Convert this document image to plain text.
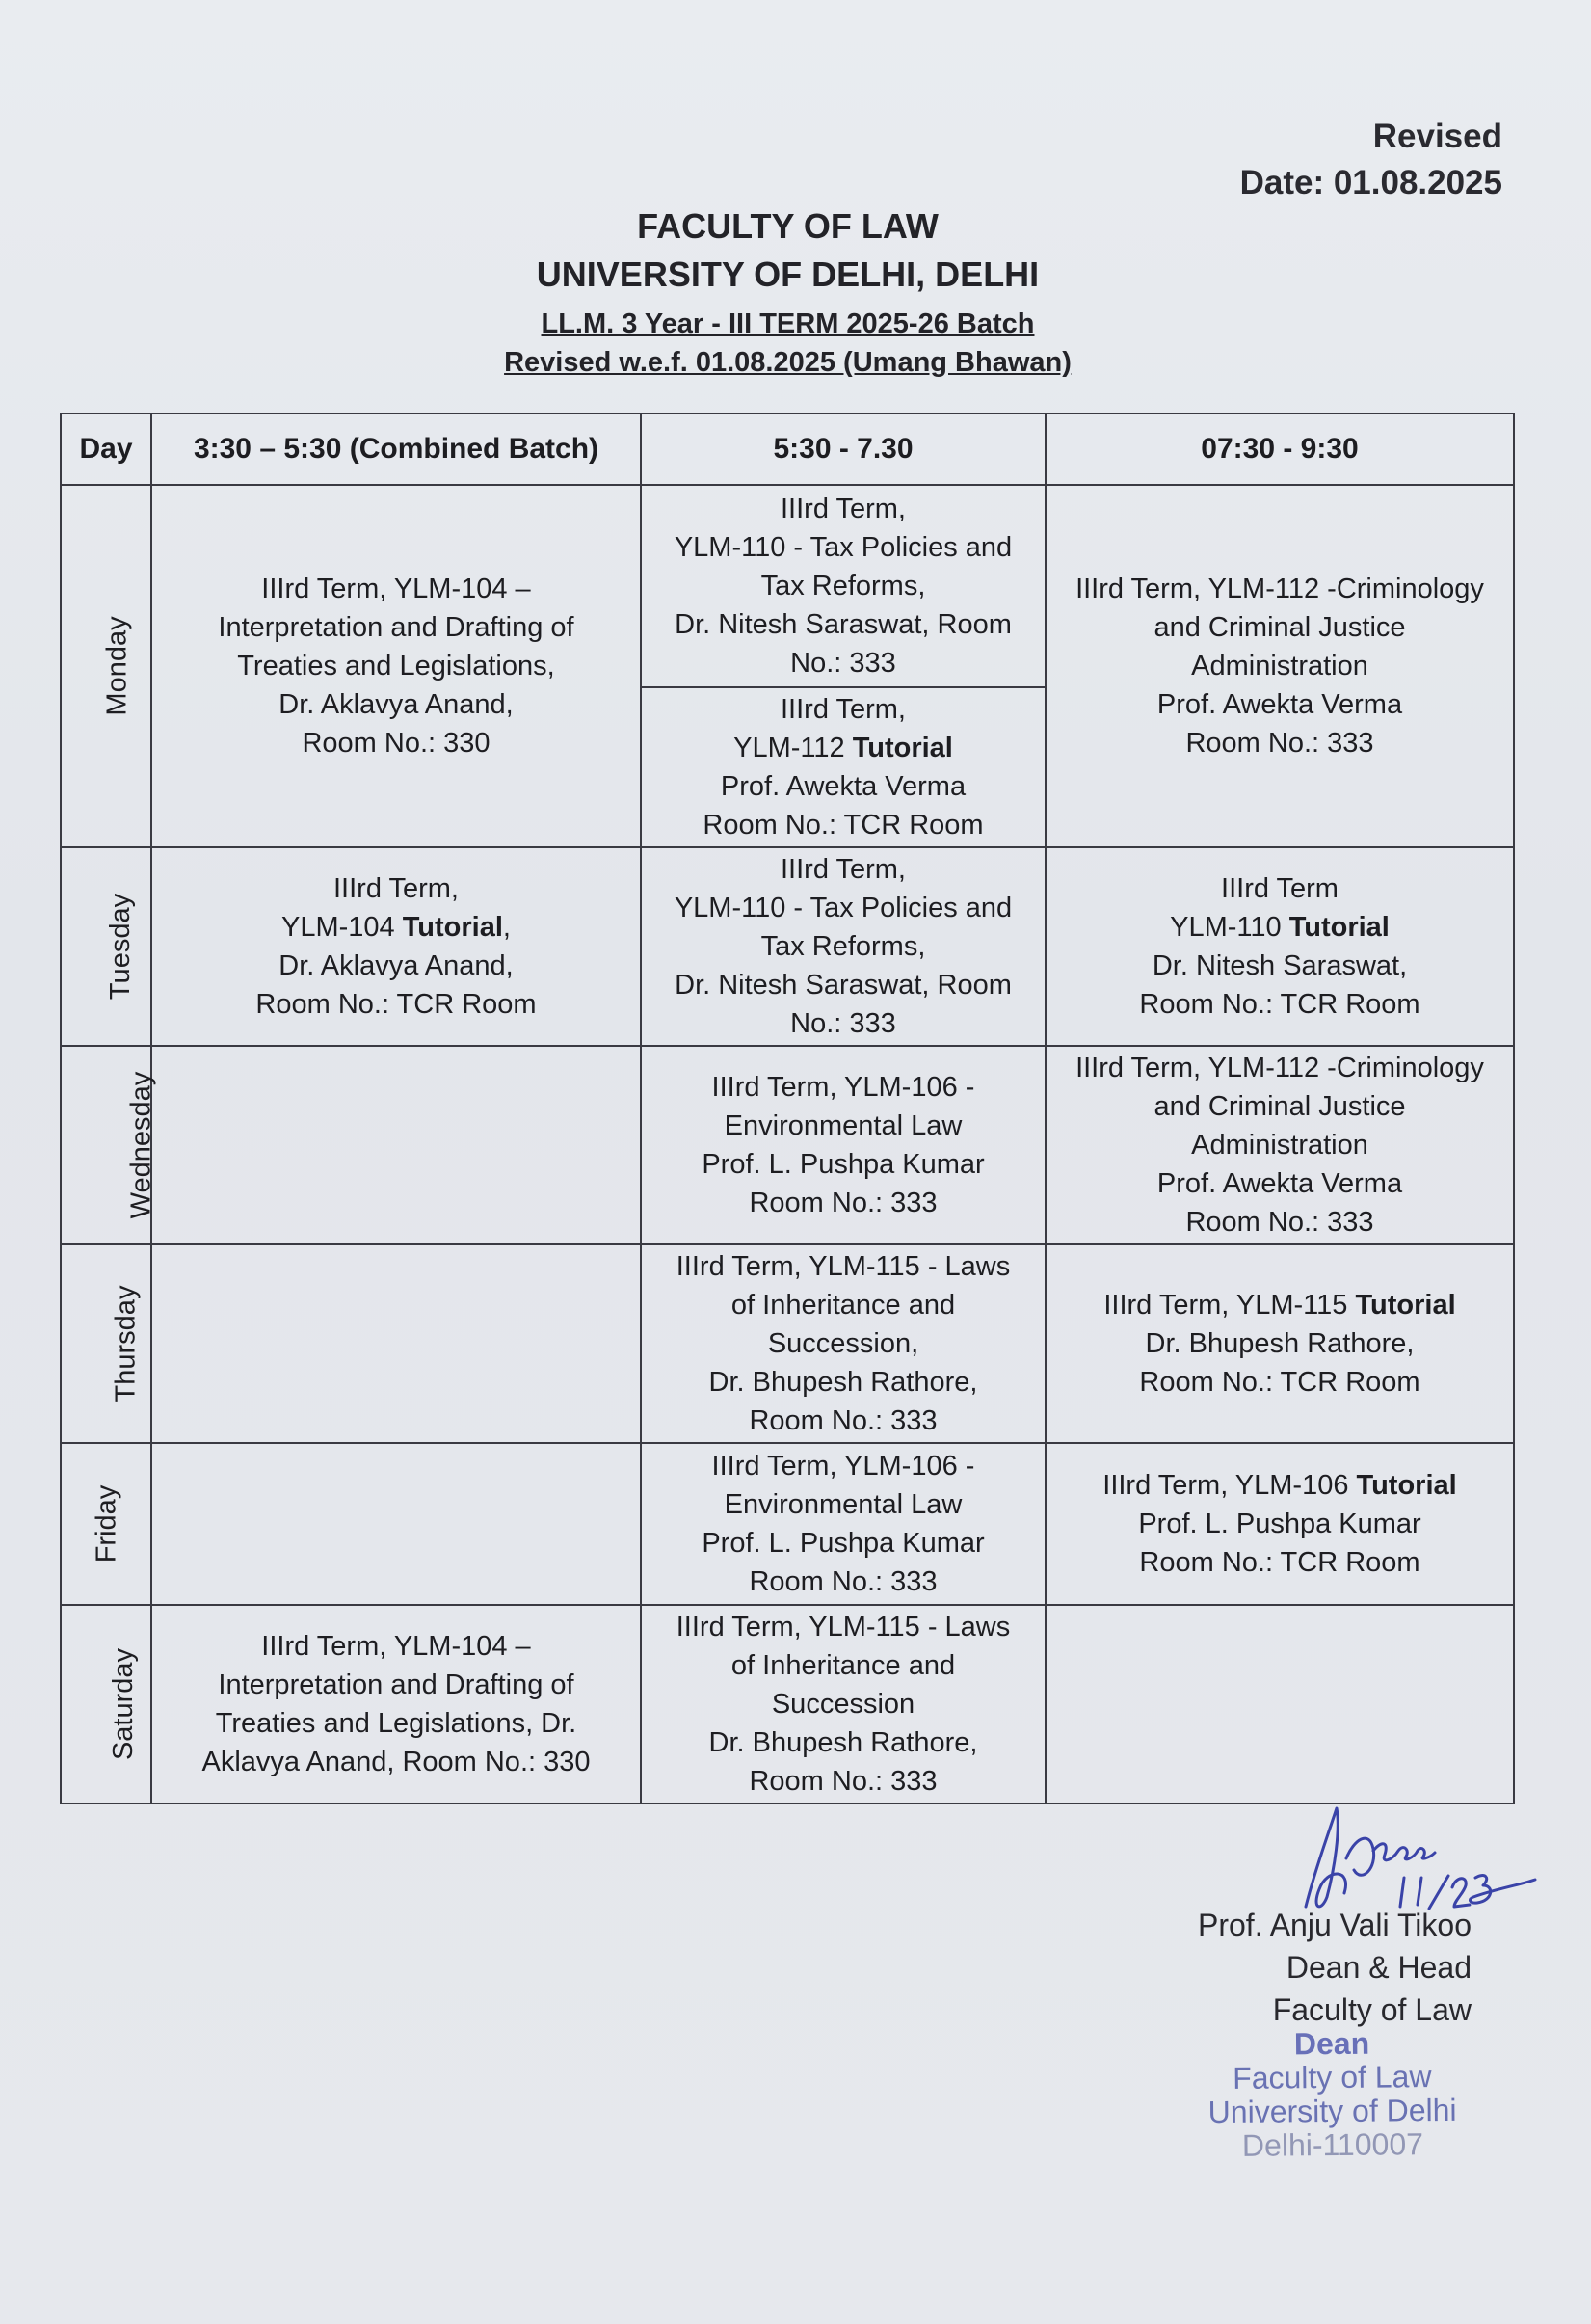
Revised
Date: 01.08.2025
FACULTY OF LAW
UNIVERSITY OF DELHI, DELHI
LL.M. 3 Year - III TERM 2025-26 Batch
Revised w.e.f. 01.08.2025 (Umang Bhawan)
Day	3:30 – 5:30 (Combined Batch)	5:30 - 7.30	07:30 - 9:30
Monday	IIIrd Term, YLM-104 –
Interpretation and Drafting of
Treaties and Legislations,
Dr. Aklavya Anand,
Room No.: 330	IIIrd Term,
YLM-110 - Tax Policies and
Tax Reforms,
Dr. Nitesh Saraswat, Room
No.: 333	IIIrd Term, YLM-112 -Criminology
and Criminal Justice
Administration
Prof. Awekta Verma
Room No.: 333

		IIIrd Term,
YLM-112 Tutorial
Prof. Awekta Verma
Room No.: TCR Room	

Tuesday	IIIrd Term,
YLM-104 Tutorial,
Dr. Aklavya Anand,
Room No.: TCR Room	IIIrd Term,
YLM-110 - Tax Policies and
Tax Reforms,
Dr. Nitesh Saraswat, Room
No.: 333	IIIrd Term
YLM-110 Tutorial
Dr. Nitesh Saraswat,
Room No.: TCR Room

Wednesday		IIIrd Term, YLM-106 -
Environmental Law
Prof. L. Pushpa Kumar
Room No.: 333	IIIrd Term, YLM-112 -Criminology
and Criminal Justice
Administration
Prof. Awekta Verma
Room No.: 333

Thursday		IIIrd Term, YLM-115 - Laws
of Inheritance and
Succession,
Dr. Bhupesh Rathore,
Room No.: 333	IIIrd Term, YLM-115 Tutorial
Dr. Bhupesh Rathore,
Room No.: TCR Room

Friday		IIIrd Term, YLM-106 -
Environmental Law
Prof. L. Pushpa Kumar
Room No.: 333	IIIrd Term, YLM-106 Tutorial
Prof. L. Pushpa Kumar
Room No.: TCR Room

Saturday	IIIrd Term, YLM-104 –
Interpretation and Drafting of
Treaties and Legislations, Dr.
Aklavya Anand, Room No.: 330	IIIrd Term, YLM-115 - Laws
of Inheritance and
Succession
Dr. Bhupesh Rathore,
Room No.: 333	

Prof. Anju Vali Tikoo
Dean & Head
Faculty of Law
Dean
Faculty of Law
University of Delhi
Delhi-110007
